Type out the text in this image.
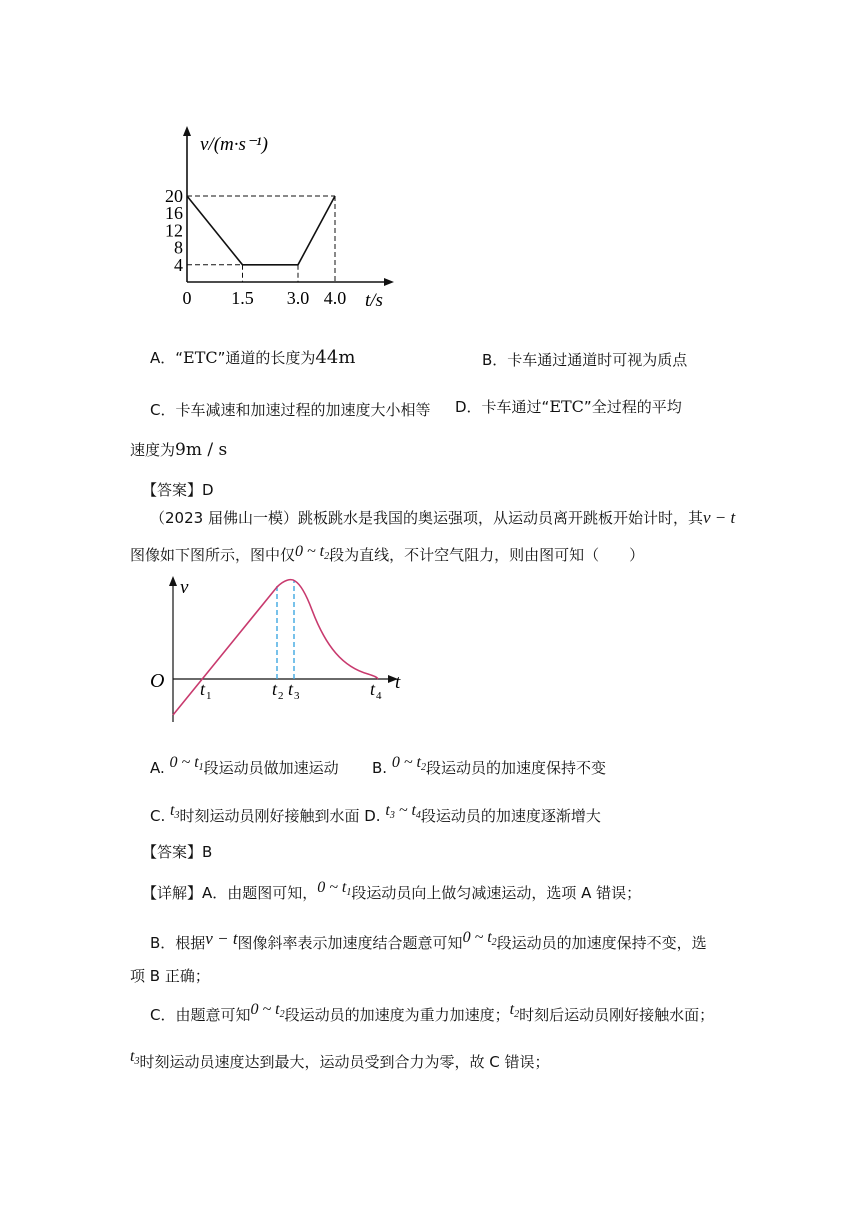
20
16
12
8
4
0 1.5 3.0 4.0
v/(m·s⁻¹)
t/s
A．“ETC”通道的长度为44m	B．卡车通过通道时可视为质点
C．卡车减速和加速过程的加速度大小相等 D．卡车通过“ETC”全过程的平均
速度为9m / s
【答案】D
（2023 届佛山一模）跳板跳水是我国的奥运强项，从运动员离开跳板开始计时，其v − t
图像如下图所示，图中仅0 ~ $t_2$段为直线，不计空气阻力，则由图可知（　　）
v
O	t
t 1	t 2 t 3	t 4
A. 0 ~ $t_1$段运动员做加速运动 B. 0 ~ $t_2$段运动员的加速度保持不变
C. $t_3$时刻运动员刚好接触到水面 D. $t_3$ ~ $t_4$段运动员的加速度逐渐增大
【答案】B
【详解】A．由题图可知，0 ~ $t_1$段运动员向上做匀减速运动，选项 A 错误；
B．根据v − t图像斜率表示加速度结合题意可知0 ~ $t_2$段运动员的加速度保持不变，选
项 B 正确；
C．由题意可知0 ~ $t_2$段运动员的加速度为重力加速度；$t_2$时刻后运动员刚好接触水面；
$t_3$时刻运动员速度达到最大，运动员受到合力为零，故 C 错误；
